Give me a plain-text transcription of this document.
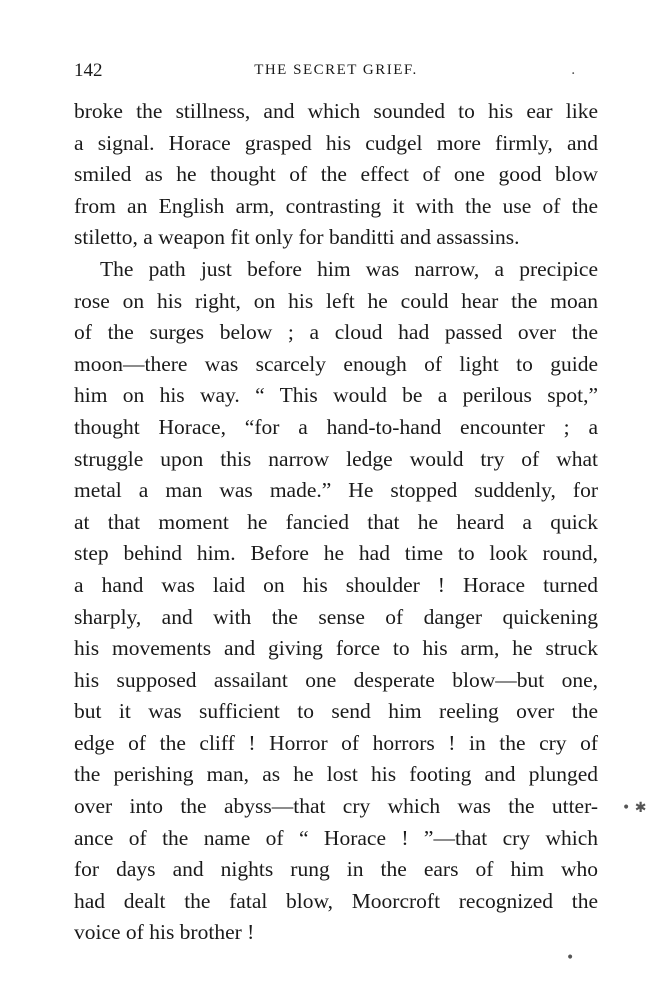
142	THE SECRET GRIEF.
broke the stillness, and which sounded to his ear like
a signal. Horace grasped his cudgel more firmly, and
smiled as he thought of the effect of one good blow
from an English arm, contrasting it with the use of the
stiletto, a weapon fit only for banditti and assassins.
The path just before him was narrow, a precipice
rose on his right, on his left he could hear the moan
of the surges below ; a cloud had passed over the
moon—there was scarcely enough of light to guide
him on his way. “ This would be a perilous spot,”
thought Horace, “for a hand-to-hand encounter ; a
struggle upon this narrow ledge would try of what
metal a man was made.” He stopped suddenly, for
at that moment he fancied that he heard a quick
step behind him. Before he had time to look round,
a hand was laid on his shoulder ! Horace turned
sharply, and with the sense of danger quickening
his movements and giving force to his arm, he struck
his supposed assailant one desperate blow—but one,
but it was sufficient to send him reeling over the
edge of the cliff ! Horror of horrors ! in the cry of
the perishing man, as he lost his footing and plunged
over into the abyss—that cry which was the utter-
ance of the name of “ Horace ! ”—that cry which
for days and nights rung in the ears of him who
had dealt the fatal blow, Moorcroft recognized the
voice of his brother !
·
• ✱
•
